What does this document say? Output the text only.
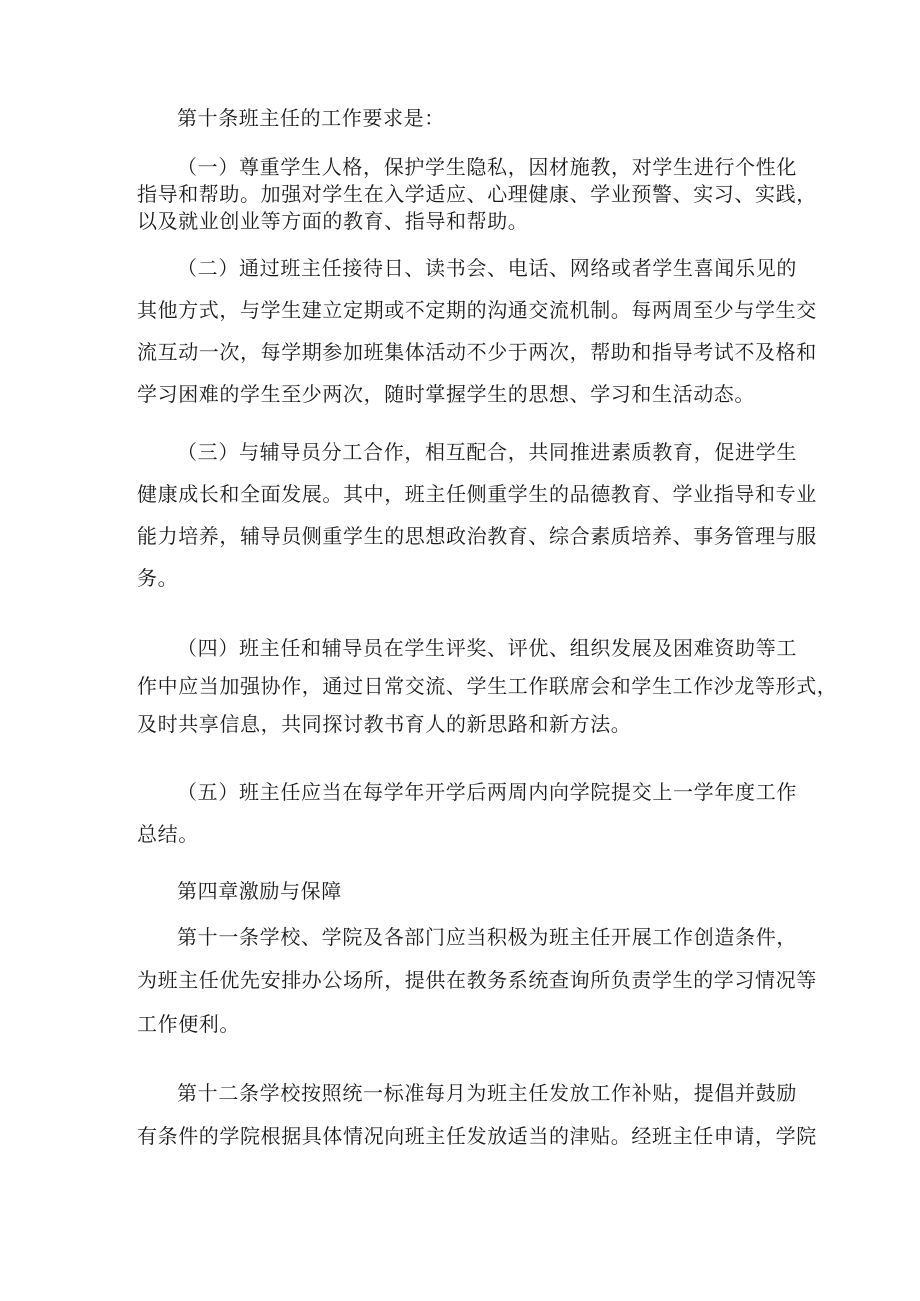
第十条班主任的工作要求是：
（一）尊重学生人格，保护学生隐私，因材施教，对学生进行个性化
指导和帮助。加强对学生在入学适应、心理健康、学业预警、实习、实践，
以及就业创业等方面的教育、指导和帮助。
（二）通过班主任接待日、读书会、电话、网络或者学生喜闻乐见的
其他方式，与学生建立定期或不定期的沟通交流机制。每两周至少与学生交
流互动一次，每学期参加班集体活动不少于两次，帮助和指导考试不及格和
学习困难的学生至少两次，随时掌握学生的思想、学习和生活动态。
（三）与辅导员分工合作，相互配合，共同推进素质教育，促进学生
健康成长和全面发展。其中，班主任侧重学生的品德教育、学业指导和专业
能力培养，辅导员侧重学生的思想政治教育、综合素质培养、事务管理与服
务。
（四）班主任和辅导员在学生评奖、评优、组织发展及困难资助等工
作中应当加强协作，通过日常交流、学生工作联席会和学生工作沙龙等形式，
及时共享信息，共同探讨教书育人的新思路和新方法。
（五）班主任应当在每学年开学后两周内向学院提交上一学年度工作
总结。
第四章激励与保障
第十一条学校、学院及各部门应当积极为班主任开展工作创造条件，
为班主任优先安排办公场所，提供在教务系统查询所负责学生的学习情况等
工作便利。
第十二条学校按照统一标准每月为班主任发放工作补贴，提倡并鼓励
有条件的学院根据具体情况向班主任发放适当的津贴。经班主任申请，学院
